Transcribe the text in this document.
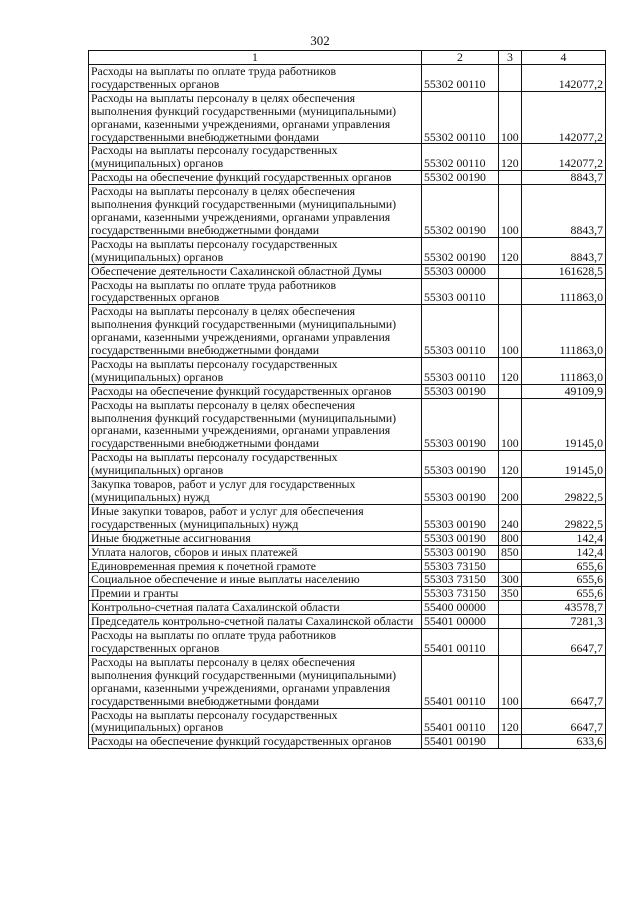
302
1	2	3	4
Расходы на выплаты по оплате труда работников государственных органов	55302 00110		142077,2
Расходы на выплаты персоналу в целях обеспечения выполнения функций государственными (муниципальными) органами, казенными учреждениями, органами управления государственными внебюджетными фондами	55302 00110	100	142077,2
Расходы на выплаты персоналу государственных (муниципальных) органов	55302 00110	120	142077,2
Расходы на обеспечение функций государственных органов	55302 00190		8843,7
Расходы на выплаты персоналу в целях обеспечения выполнения функций государственными (муниципальными) органами, казенными учреждениями, органами управления государственными внебюджетными фондами	55302 00190	100	8843,7
Расходы на выплаты персоналу государственных (муниципальных) органов	55302 00190	120	8843,7
Обеспечение деятельности Сахалинской областной Думы	55303 00000		161628,5
Расходы на выплаты по оплате труда работников государственных органов	55303 00110		111863,0
Расходы на выплаты персоналу в целях обеспечения выполнения функций государственными (муниципальными) органами, казенными учреждениями, органами управления государственными внебюджетными фондами	55303 00110	100	111863,0
Расходы на выплаты персоналу государственных (муниципальных) органов	55303 00110	120	111863,0
Расходы на обеспечение функций государственных органов	55303 00190		49109,9
Расходы на выплаты персоналу в целях обеспечения выполнения функций государственными (муниципальными) органами, казенными учреждениями, органами управления государственными внебюджетными фондами	55303 00190	100	19145,0
Расходы на выплаты персоналу государственных (муниципальных) органов	55303 00190	120	19145,0
Закупка товаров, работ и услуг для государственных (муниципальных) нужд	55303 00190	200	29822,5
Иные закупки товаров, работ и услуг для обеспечения государственных (муниципальных) нужд	55303 00190	240	29822,5
Иные бюджетные ассигнования	55303 00190	800	142,4
Уплата налогов, сборов и иных платежей	55303 00190	850	142,4
Единовременная премия к почетной грамоте	55303 73150		655,6
Социальное обеспечение и иные выплаты населению	55303 73150	300	655,6
Премии и гранты	55303 73150	350	655,6
Контрольно-счетная палата Сахалинской области	55400 00000		43578,7
Председатель контрольно-счетной палаты Сахалинской области	55401 00000		7281,3
Расходы на выплаты по оплате труда работников государственных органов	55401 00110		6647,7
Расходы на выплаты персоналу в целях обеспечения выполнения функций государственными (муниципальными) органами, казенными учреждениями, органами управления государственными внебюджетными фондами	55401 00110	100	6647,7
Расходы на выплаты персоналу государственных (муниципальных) органов	55401 00110	120	6647,7
Расходы на обеспечение функций государственных органов	55401 00190		633,6
